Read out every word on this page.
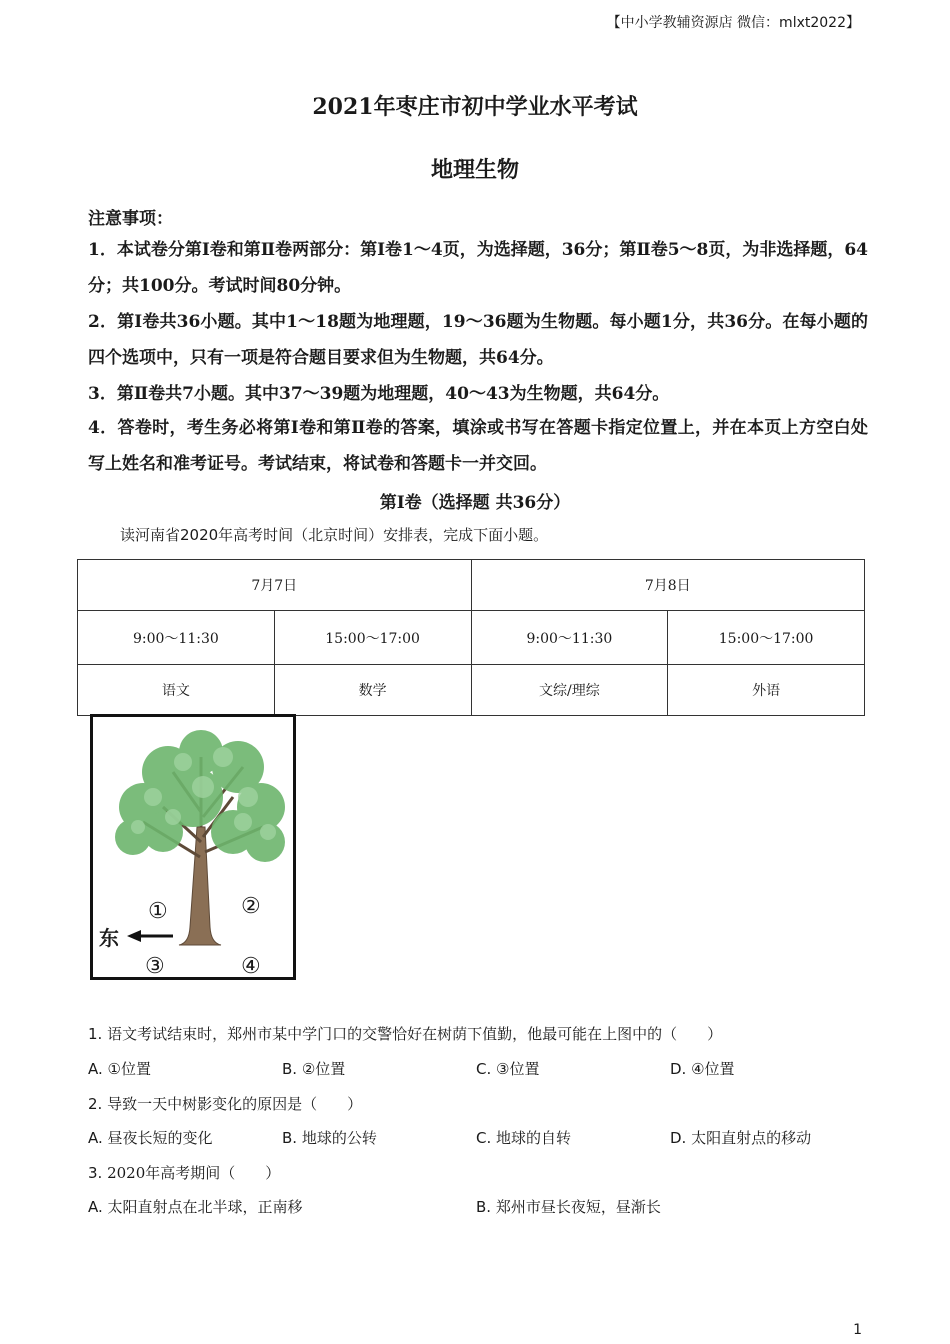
【中小学教辅资源店 微信：mlxt2022】
2021年枣庄市初中学业水平考试
地理生物
注意事项：
1．本试卷分第Ⅰ卷和第Ⅱ卷两部分：第Ⅰ卷1～4页，为选择题，36分；第Ⅱ卷5～8页，为非选择题，64分；共100分。考试时间80分钟。
2．第Ⅰ卷共36小题。其中1～18题为地理题，19～36题为生物题。每小题1分，共36分。在每小题的四个选项中，只有一项是符合题目要求但为生物题，共64分。
3．第Ⅱ卷共7小题。其中37～39题为地理题，40～43为生物题，共64分。
4．答卷时，考生务必将第Ⅰ卷和第Ⅱ卷的答案，填涂或书写在答题卡指定位置上，并在本页上方空白处写上姓名和准考证号。考试结束，将试卷和答题卡一并交回。
第Ⅰ卷（选择题 共36分）
读河南省2020年高考时间（北京时间）安排表，完成下面小题。
7月7日		7月8日	
9:00～11:30	15:00～17:00	9:00～11:30	15:00～17:00
语文	数学	文综/理综	外语
①	②
③	④
东
1. 语文考试结束时，郑州市某中学门口的交警恰好在树荫下值勤，他最可能在上图中的（　　）
A. ①位置	B. ②位置	C. ③位置	D. ④位置
2. 导致一天中树影变化的原因是（　　）
A. 昼夜长短的变化	B. 地球的公转	C. 地球的自转	D. 太阳直射点的移动
3. 2020年高考期间（　　）
A. 太阳直射点在北半球，正南移	B. 郑州市昼长夜短，昼渐长
1
